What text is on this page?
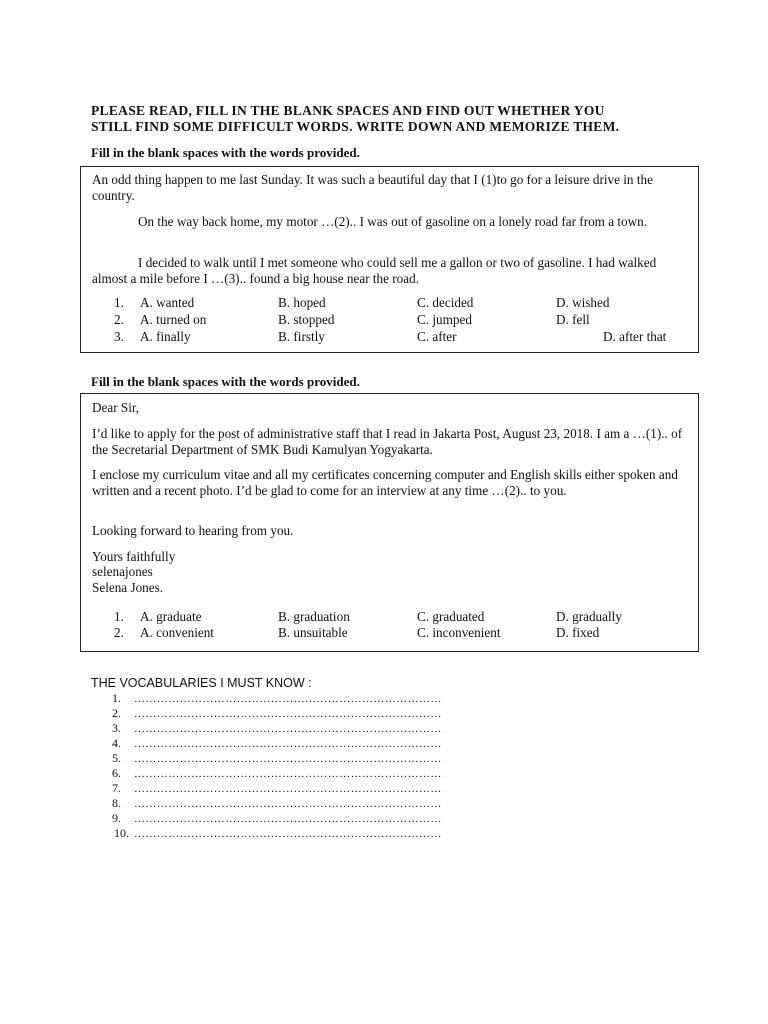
PLEASE READ, FILL IN THE BLANK SPACES AND FIND OUT WHETHER YOU
STILL FIND SOME DIFFICULT WORDS. WRITE DOWN AND MEMORIZE THEM.

Fill in the blank spaces with the words provided.

An odd thing happen to me last Sunday. It was such a beautiful day that I (1)to go for a leisure drive in the country.

On the way back home, my motor …(2).. I was out of gasoline on a lonely road far from a town.

I decided to walk until I met someone who could sell me a gallon or two of gasoline. I had walked almost a mile before I …(3).. found a big house near the road.

1. A. wanted	B. hoped	C. decided	D. wished
2. A. turned on	B. stopped	C. jumped	D. fell
3. A. finally	B. firstly	C. after	D. after that

Fill in the blank spaces with the words provided.

Dear Sir,

I’d like to apply for the post of administrative staff that I read in Jakarta Post, August 23, 2018. I am a …(1).. of the Secretarial Department of SMK Budi Kamulyan Yogyakarta.

I enclose my curriculum vitae and all my certificates concerning computer and English skills either spoken and written and a recent photo. I’d be glad to come for an interview at any time …(2).. to you.

Looking forward to hearing from you.

Yours faithfully

selenajones

Selena Jones.

1. A. graduate	B. graduation	C. graduated	D. gradually
2. A. convenient	B. unsuitable	C. inconvenient	D. fixed

THE VOCABULARIES I MUST KNOW :

1. ………………………………………………………………………
2. ………………………………………………………………………
3. ………………………………………………………………………
4. ………………………………………………………………………
5. ………………………………………………………………………
6. ………………………………………………………………………
7. ………………………………………………………………………
8. ………………………………………………………………………
9. ………………………………………………………………………
10. ………………………………………………………………………
